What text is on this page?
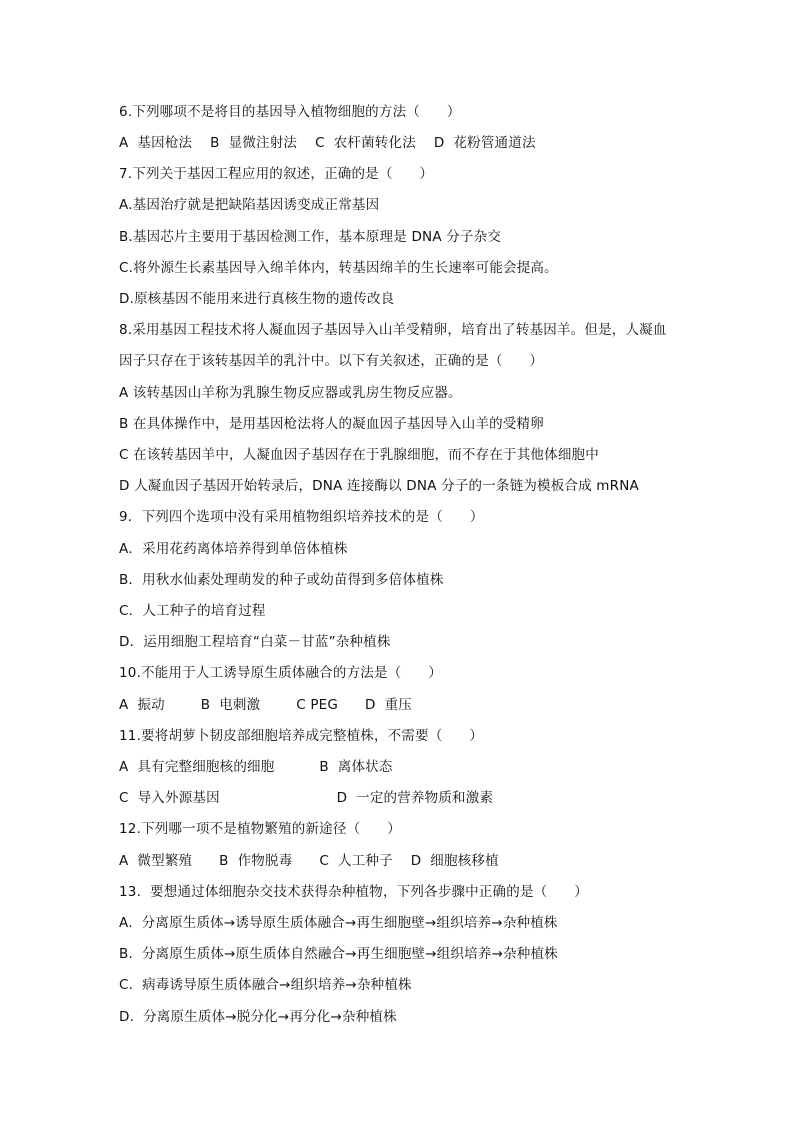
6.下列哪项不是将目的基因导入植物细胞的方法（      ）
A  基因枪法    B  显微注射法    C  农杆菌转化法    D  花粉管通道法
7.下列关于基因工程应用的叙述，正确的是（      ）
A.基因治疗就是把缺陷基因诱变成正常基因
B.基因芯片主要用于基因检测工作，基本原理是 DNA 分子杂交
C.将外源生长素基因导入绵羊体内，转基因绵羊的生长速率可能会提高。
D.原核基因不能用来进行真核生物的遗传改良
8.采用基因工程技术将人凝血因子基因导入山羊受精卵，培育出了转基因羊。但是，人凝血
因子只存在于该转基因羊的乳汁中。以下有关叙述，正确的是（      ）
A 该转基因山羊称为乳腺生物反应器或乳房生物反应器。
B 在具体操作中，是用基因枪法将人的凝血因子基因导入山羊的受精卵
C 在该转基因羊中，人凝血因子基因存在于乳腺细胞，而不存在于其他体细胞中
D 人凝血因子基因开始转录后，DNA 连接酶以 DNA 分子的一条链为模板合成 mRNA
9．下列四个选项中没有采用植物组织培养技术的是（      ）
A．采用花药离体培养得到单倍体植株
B．用秋水仙素处理萌发的种子或幼苗得到多倍体植株
C．人工种子的培育过程
D．运用细胞工程培育“白菜－甘蓝”杂种植株
10.不能用于人工诱导原生质体融合的方法是（      ）
A  振动        B  电刺激        C PEG      D  重压
11.要将胡萝卜韧皮部细胞培养成完整植株，不需要（      ）
A  具有完整细胞核的细胞          B  离体状态
C  导入外源基因                          D  一定的营养物质和激素
12.下列哪一项不是植物繁殖的新途径（      ）
A  微型繁殖      B  作物脱毒      C  人工种子    D  细胞核移植
13.  要想通过体细胞杂交技术获得杂种植物，下列各步骤中正确的是（      ）
A.  分离原生质体→诱导原生质体融合→再生细胞壁→组织培养→杂种植株
B.  分离原生质体→原生质体自然融合→再生细胞壁→组织培养→杂种植株
C.  病毒诱导原生质体融合→组织培养→杂种植株
D.  分离原生质体→脱分化→再分化→杂种植株
